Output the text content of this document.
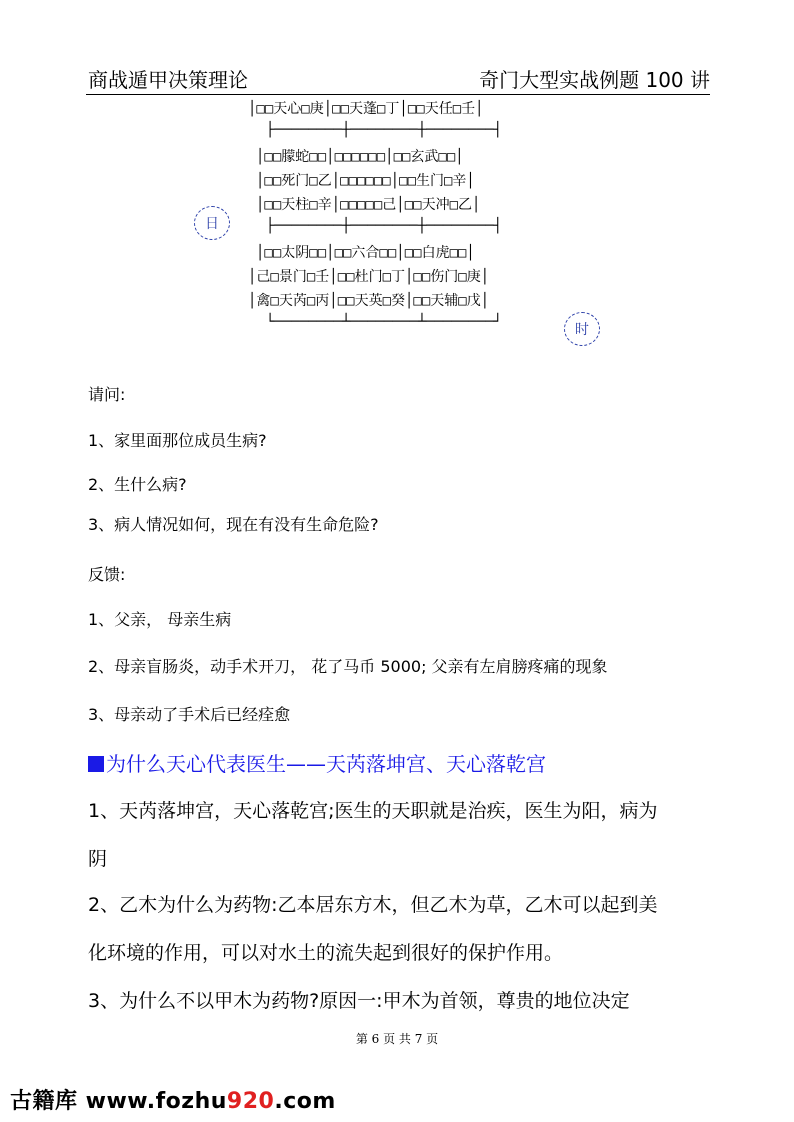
商战遁甲决策理论	奇门大型实战例题 100 讲
│□□天心□庚│□□天蓬□丁│□□天任□壬│
├────────┼────────┼────────┤
│□□朦蛇□□│□□□□□□│□□玄武□□│
│□□死门□乙│□□□□□□│□□生门□辛│
│□□天柱□辛│□□□□□己│□□天冲□乙│
├────────┼────────┼────────┤
│□□太阴□□│□□六合□□│□□白虎□□│
│己□景门□壬│□□杜门□丁│□□伤门□庚│
│禽□天芮□丙│□□天英□癸│□□天辅□戊│
└────────┴────────┴────────┘
日
时
请问:
1、家里面那位成员生病?
2、生什么病?
3、病人情况如何，现在有没有生命危险?
反馈:
1、父亲， 母亲生病
2、母亲盲肠炎，动手术开刀， 花了马币 5000; 父亲有左肩膀疼痛的现象
3、母亲动了手术后已经痊愈
为什么天心代表医生——天芮落坤宫、天心落乾宫
1、天芮落坤宫，天心落乾宫;医生的天职就是治疾，医生为阳，病为
阴
2、乙木为什么为药物:乙本居东方木，但乙木为草，乙木可以起到美
化环境的作用，可以对水土的流失起到很好的保护作用。
3、为什么不以甲木为药物?原因一:甲木为首领，尊贵的地位决定
第 6 页 共 7 页
古籍库 www.fozhu920.com
